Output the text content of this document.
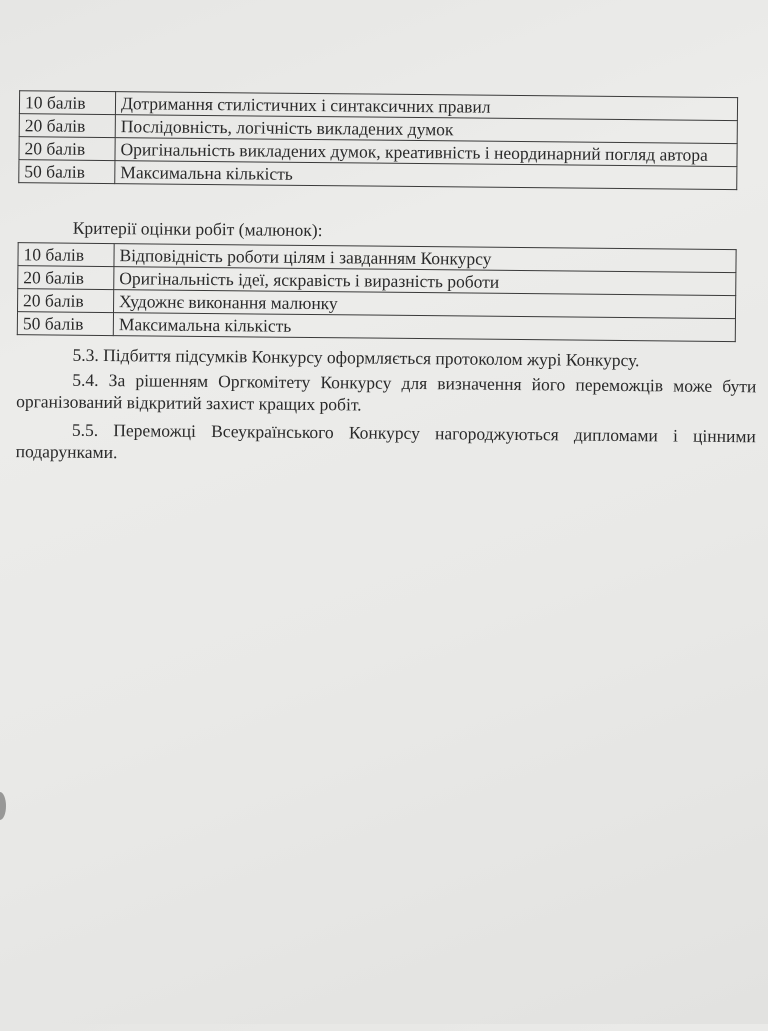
10 балів	Дотримання стилістичних і синтаксичних правил
20 балів	Послідовність, логічність викладених думок
20 балів	Оригінальність викладених думок, креативність і неординарний погляд автора
50 балів	Максимальна кількість
Критерії оцінки робіт (малюнок):
10 балів	Відповідність роботи цілям і завданням Конкурсу
20 балів	Оригінальність ідеї, яскравість і виразність роботи
20 балів	Художнє виконання малюнку
50 балів	Максимальна кількість
5.3. Підбиття підсумків Конкурсу оформляється протоколом журі Конкурсу.
5.4. За рішенням Оргкомітету Конкурсу для визначення його переможців може бути організований відкритий захист кращих робіт.
5.5. Переможці Всеукраїнського Конкурсу нагороджуються дипломами і цінними подарунками.
